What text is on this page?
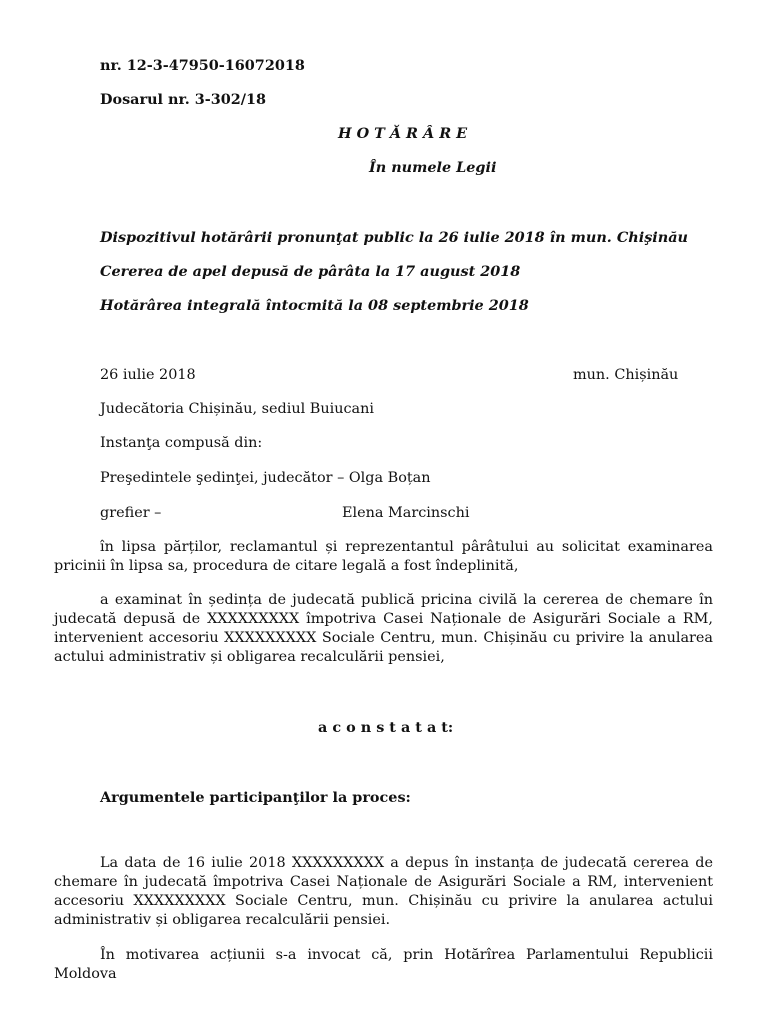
nr. 12-3-47950-16072018
Dosarul nr. 3-302/18
H O T Ă R Â R E
În numele Legii
Dispozitivul hotărârii pronunţat public la 26 iulie 2018 în mun. Chişinău
Cererea de apel depusă de pârâta la 17 august 2018
Hotărârea integrală întocmită la 08 septembrie 2018
26 iulie 2018	mun. Chișinău
Judecătoria Chișinău, sediul Buiucani
Instanţa compusă din:
Preşedintele şedinţei, judecător – Olga Boțan
grefier –	Elena Marcinschi
în lipsa părților, reclamantul și reprezentantul pârâtului au solicitat examinarea
pricinii în lipsa sa, procedura de citare legală a fost îndeplinită,
a examinat în ședința de judecată publică pricina civilă la cererea de chemare în
judecată depusă de XXXXXXXXX împotriva Casei Naționale de Asigurări Sociale a RM,
intervenient accesoriu XXXXXXXXX Sociale Centru, mun. Chișinău cu privire la anularea
actului administrativ și obligarea recalculării pensiei,
a c o n s t a t a t:
Argumentele participanţilor la proces:
La data de 16 iulie 2018 XXXXXXXXX a depus în instanța de judecată cererea de
chemare în judecată împotriva Casei Naționale de Asigurări Sociale a RM, intervenient
accesoriu XXXXXXXXX Sociale Centru, mun. Chișinău cu privire la anularea actului
administrativ și obligarea recalculării pensiei.
În motivarea acțiunii s-a invocat că, prin Hotărîrea Parlamentului Republicii Moldova
